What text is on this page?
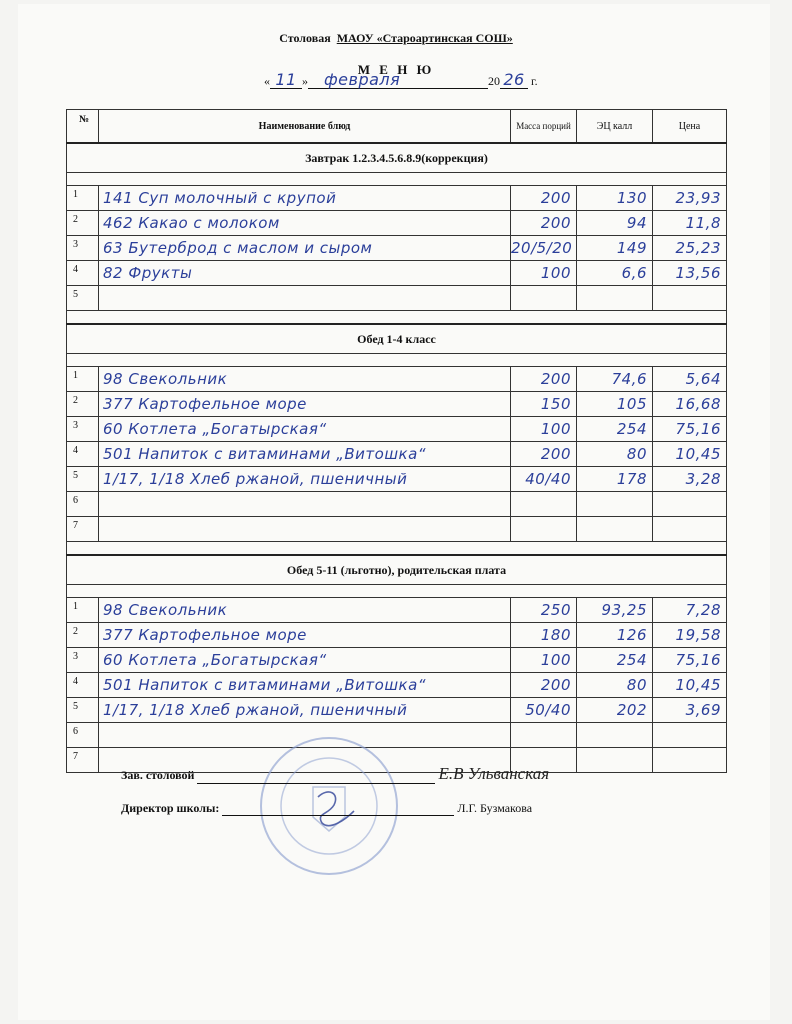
Столовая МАОУ «Староартинская СОШ»
М Е Н Ю
« 11 »	февраля	20 26 г.
№	Наименование блюд	Масса порций	ЭЦ калл	Цена
Завтрак 1.2.3.4.5.6.8.9(коррекция)				

1	141 Суп молочный с крупой	200	130	23,93
2	462 Какао с молоком	200	94	11,8
3	63 Бутерброд с маслом и сыром	20/5/20	149	25,23
4	82 Фрукты	100	6,6	13,56
5				

Обед 1-4 класс				

1	98 Свекольник	200	74,6	5,64
2	377 Картофельное море	150	105	16,68
3	60 Котлета „Богатырская“	100	254	75,16
4	501 Напиток с витаминами „Витошка“	200	80	10,45
5	1/17, 1/18 Хлеб ржаной, пшеничный	40/40	178	3,28
6				
7				

Обед 5-11 (льготно), родительская плата				

1	98 Свекольник	250	93,25	7,28
2	377 Картофельное море	180	126	19,58
3	60 Котлета „Богатырская“	100	254	75,16
4	501 Напиток с витаминами „Витошка“	200	80	10,45
5	1/17, 1/18 Хлеб ржаной, пшеничный	50/40	202	3,69
6				
7				
Зав. столовой	Е.В Ульванская
Директор школы:	Л.Г. Бузмакова
